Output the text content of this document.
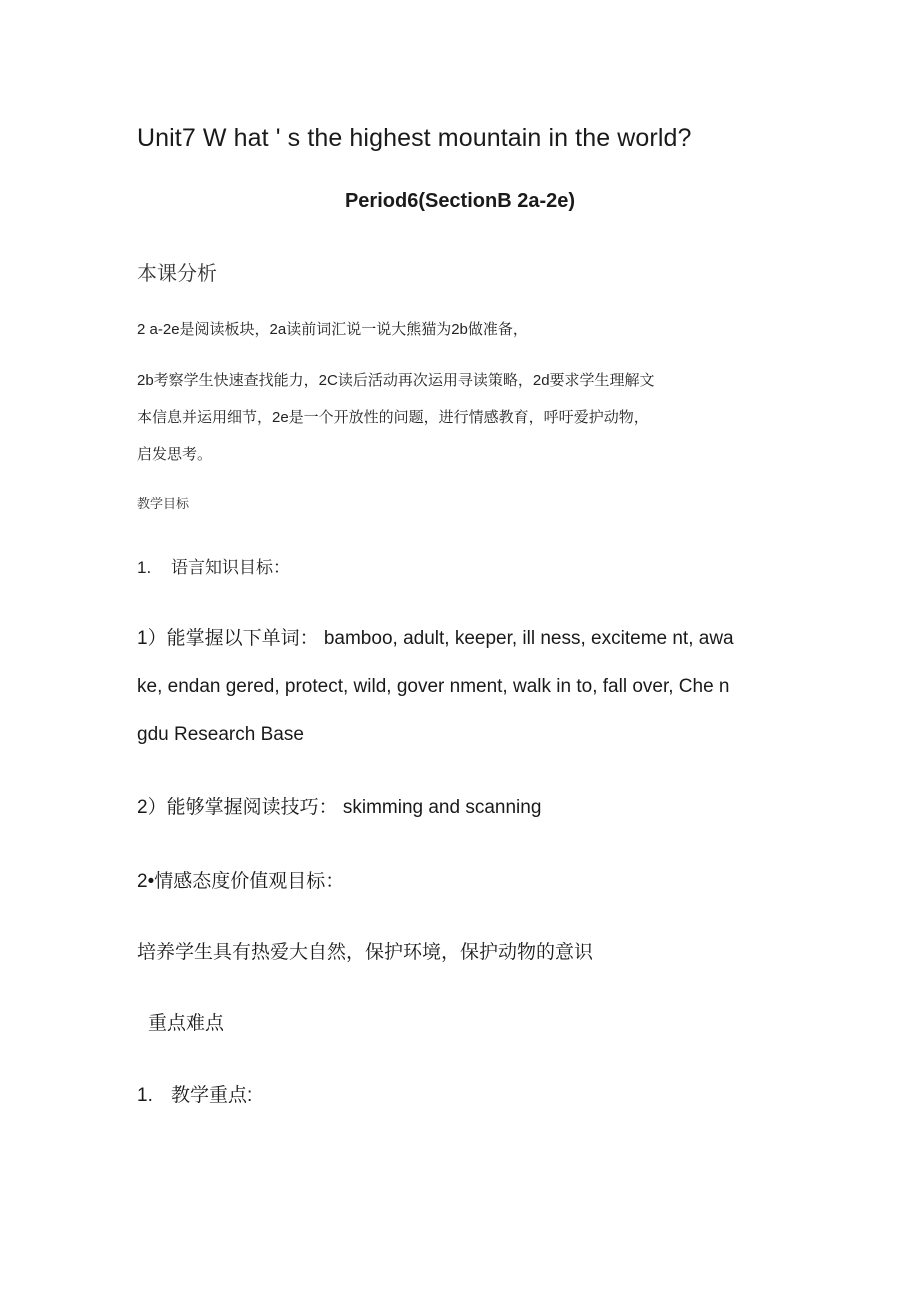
Unit7 W hat ' s the highest mountain in the world?

Period6(SectionB 2a-2e)

本课分析

2 a-2e是阅读板块，2a读前词汇说一说大熊猫为2b做准备，

2b考察学生快速查找能力，2C读后活动再次运用寻读策略，2d要求学生理解文

本信息并运用细节，2e是一个开放性的问题，进行情感教育，呼吁爱护动物，

启发思考。

教学目标

1. 语言知识目标：

1）能掌握以下单词： bamboo, adult, keeper, ill ness, exciteme nt, awa

ke, endan gered, protect, wild, gover nment, walk in to, fall over, Che n

gdu Research Base

2）能够掌握阅读技巧： skimming and scanning

2•情感态度价值观目标：

培养学生具有热爱大自然，保护环境，保护动物的意识

重点难点

1. 教学重点:
